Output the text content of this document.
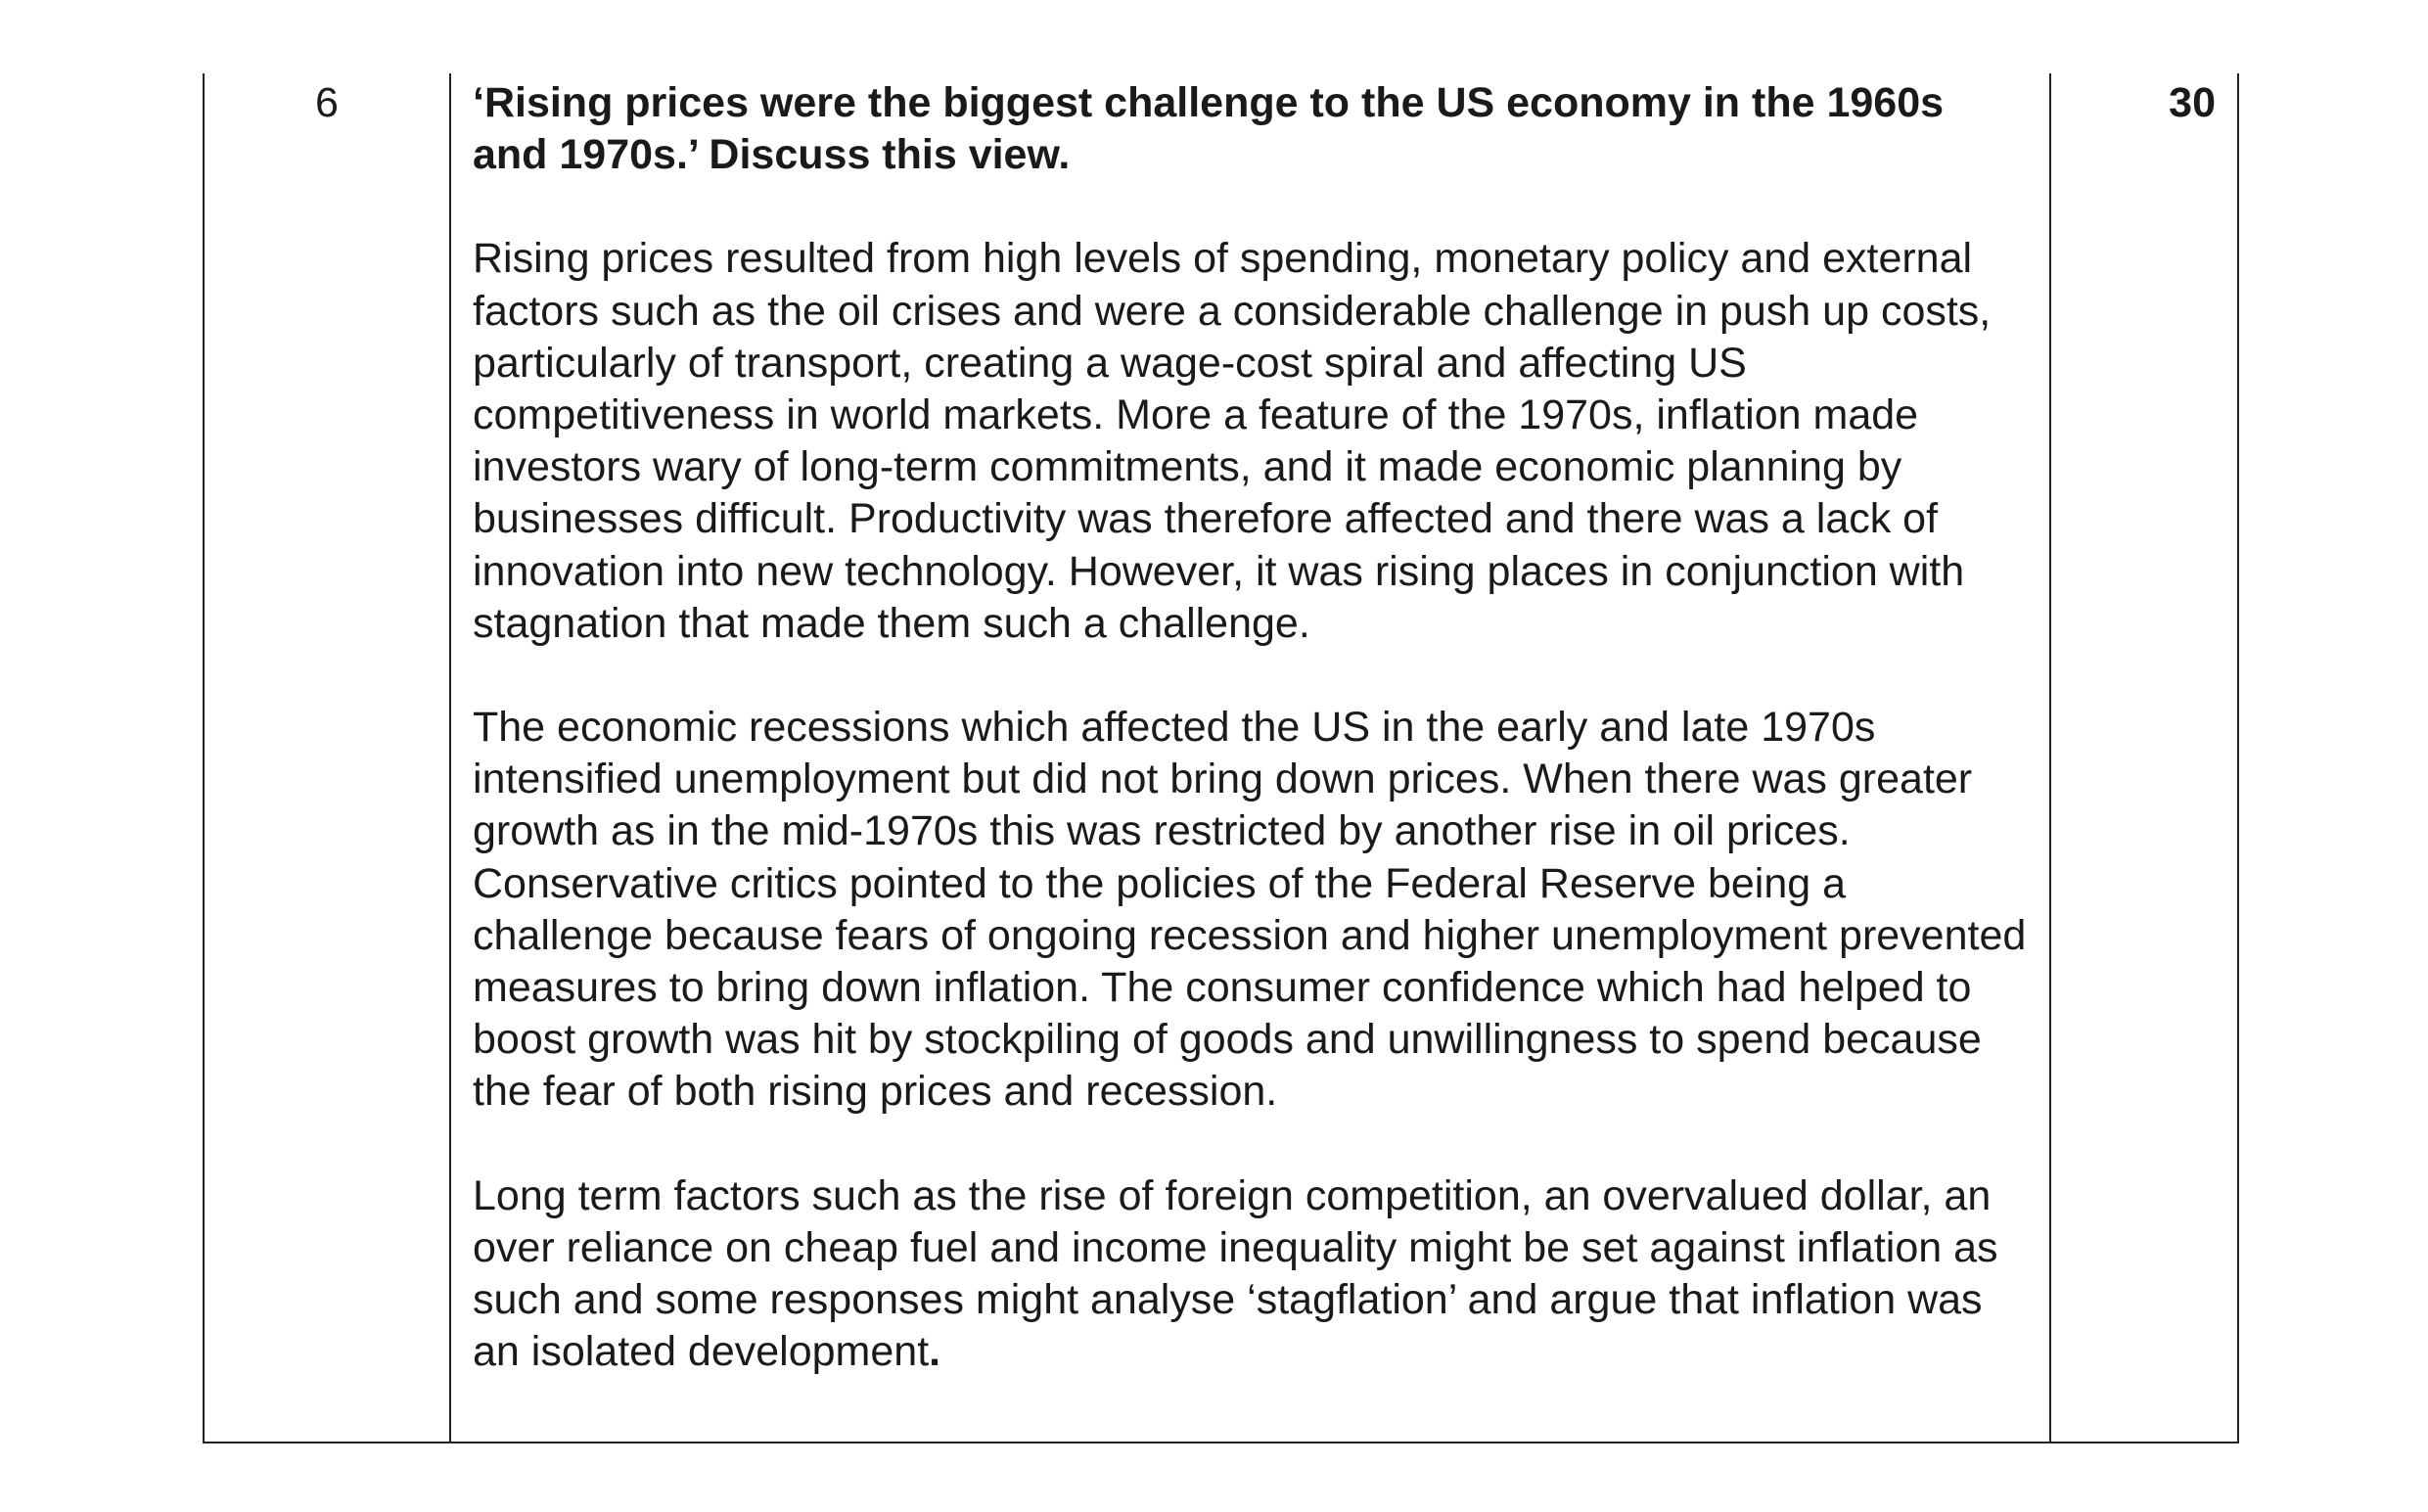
6	‘Rising prices were the biggest challenge to the US economy in the 1960s and 1970s.’ Discuss this view.

Rising prices resulted from high levels of spending, monetary policy and external factors such as the oil crises and were a considerable challenge in push up costs, particularly of transport, creating a wage-cost spiral and affecting US competitiveness in world markets. More a feature of the 1970s, inflation made investors wary of long-term commitments, and it made economic planning by businesses difficult. Productivity was therefore affected and there was a lack of innovation into new technology. However, it was rising places in conjunction with stagnation that made them such a challenge.

The economic recessions which affected the US in the early and late 1970s intensified unemployment but did not bring down prices. When there was greater growth as in the mid-1970s this was restricted by another rise in oil prices. Conservative critics pointed to the policies of the Federal Reserve being a challenge because fears of ongoing recession and higher unemployment prevented measures to bring down inflation. The consumer confidence which had helped to boost growth was hit by stockpiling of goods and unwillingness to spend because the fear of both rising prices and recession.

Long term factors such as the rise of foreign competition, an overvalued dollar, an over reliance on cheap fuel and income inequality might be set against inflation as such and some responses might analyse ‘stagflation’ and argue that inflation was an isolated development.

30
